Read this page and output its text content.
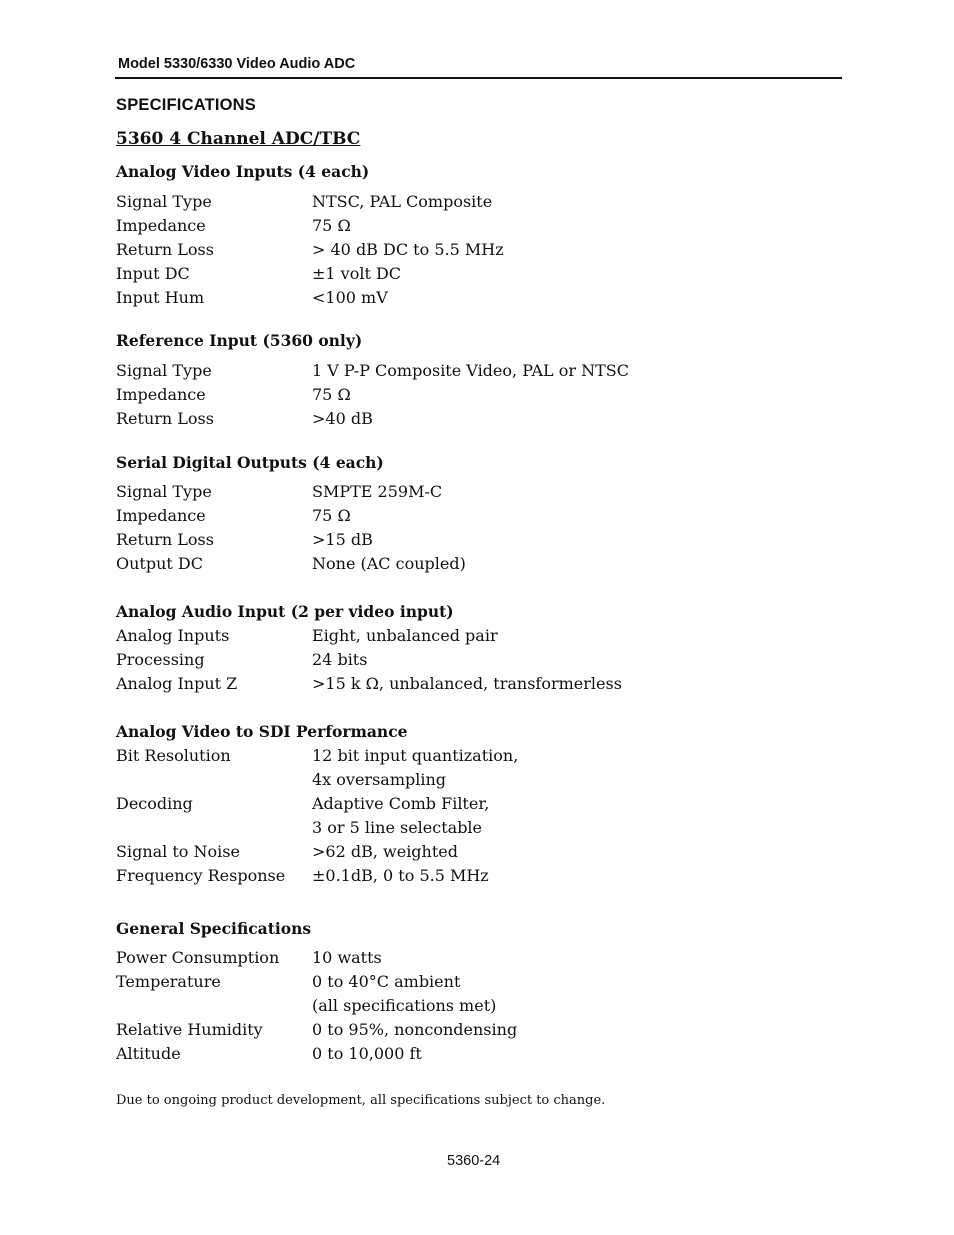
Model 5330/6330 Video Audio ADC
SPECIFICATIONS
5360 4 Channel ADC/TBC
Analog Video Inputs (4 each)
Signal Type	NTSC, PAL Composite
Impedance	75 Ω
Return Loss	> 40 dB DC to 5.5 MHz
Input DC	±1 volt DC
Input Hum	<100 mV
Reference Input (5360 only)
Signal Type	1 V P-P Composite Video, PAL or NTSC
Impedance	75 Ω
Return Loss	>40 dB
Serial Digital Outputs (4 each)
Signal Type	SMPTE 259M-C
Impedance	75 Ω
Return Loss	>15 dB
Output DC	None (AC coupled)
Analog Audio Input (2 per video input)
Analog Inputs	Eight, unbalanced pair
Processing	24 bits
Analog Input Z	>15 k Ω, unbalanced, transformerless
Analog Video to SDI Performance
Bit Resolution	12 bit input quantization,
4x oversampling
Decoding	Adaptive Comb Filter,
3 or 5 line selectable
Signal to Noise	>62 dB, weighted
Frequency Response	±0.1dB, 0 to 5.5 MHz
General Specifications
Power Consumption	10 watts
Temperature	0 to 40°C ambient
(all specifications met)
Relative Humidity	0 to 95%, noncondensing
Altitude	0 to 10,000 ft
Due to ongoing product development, all specifications subject to change.
5360-24
